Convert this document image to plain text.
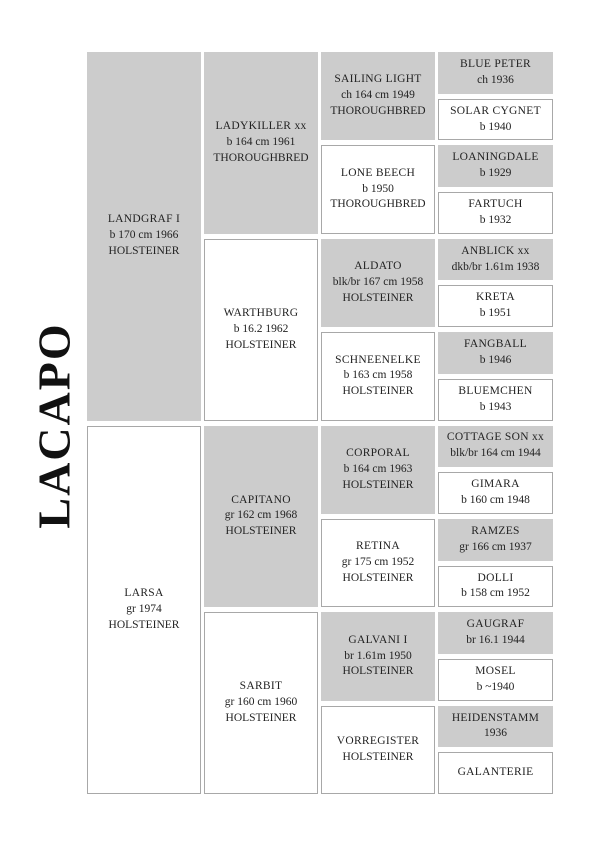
LACAPO
LANDGRAF I
b 170 cm 1966
HOLSTEINER
LARSA
gr 1974
HOLSTEINER
LADYKILLER xx
b 164 cm 1961
THOROUGHBRED
WARTHBURG
b 16.2 1962
HOLSTEINER
CAPITANO
gr 162 cm 1968
HOLSTEINER
SARBIT
gr 160 cm 1960
HOLSTEINER
SAILING LIGHT
ch 164 cm 1949
THOROUGHBRED
LONE BEECH
b 1950
THOROUGHBRED
ALDATO
blk/br 167 cm 1958
HOLSTEINER
SCHNEENELKE
b 163 cm 1958
HOLSTEINER
CORPORAL
b 164 cm 1963
HOLSTEINER
RETINA
gr 175 cm 1952
HOLSTEINER
GALVANI I
br 1.61m 1950
HOLSTEINER
VORREGISTER
HOLSTEINER
BLUE PETER
ch 1936
SOLAR CYGNET
b 1940
LOANINGDALE
b 1929
FARTUCH
b 1932
ANBLICK xx
dkb/br 1.61m 1938
KRETA
b 1951
FANGBALL
b 1946
BLUEMCHEN
b 1943
COTTAGE SON xx
blk/br 164 cm 1944
GIMARA
b 160 cm 1948
RAMZES
gr 166 cm 1937
DOLLI
b 158 cm 1952
GAUGRAF
br 16.1 1944
MOSEL
b ~1940
HEIDENSTAMM
1936
GALANTERIE
